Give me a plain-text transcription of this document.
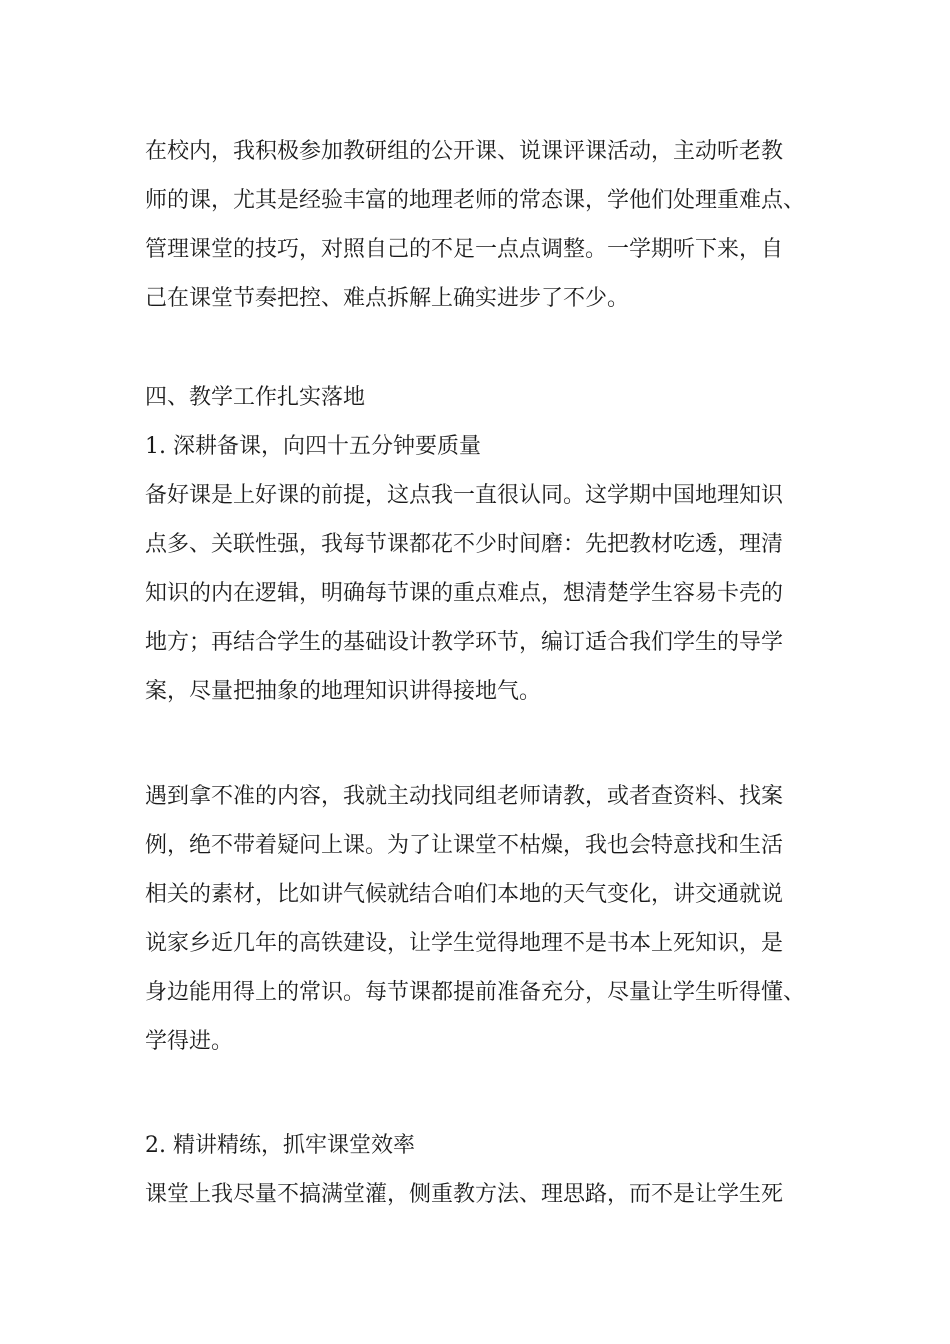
在校内，我积极参加教研组的公开课、说课评课活动，主动听老教
师的课，尤其是经验丰富的地理老师的常态课，学他们处理重难点、
管理课堂的技巧，对照自己的不足一点点调整。一学期听下来，自
己在课堂节奏把控、难点拆解上确实进步了不少。
四、教学工作扎实落地
1. 深耕备课，向四十五分钟要质量
备好课是上好课的前提，这点我一直很认同。这学期中国地理知识
点多、关联性强，我每节课都花不少时间磨：先把教材吃透，理清
知识的内在逻辑，明确每节课的重点难点，想清楚学生容易卡壳的
地方；再结合学生的基础设计教学环节，编订适合我们学生的导学
案，尽量把抽象的地理知识讲得接地气。
遇到拿不准的内容，我就主动找同组老师请教，或者查资料、找案
例，绝不带着疑问上课。为了让课堂不枯燥，我也会特意找和生活
相关的素材，比如讲气候就结合咱们本地的天气变化，讲交通就说
说家乡近几年的高铁建设，让学生觉得地理不是书本上死知识，是
身边能用得上的常识。每节课都提前准备充分，尽量让学生听得懂、
学得进。
2. 精讲精练，抓牢课堂效率
课堂上我尽量不搞满堂灌，侧重教方法、理思路，而不是让学生死
